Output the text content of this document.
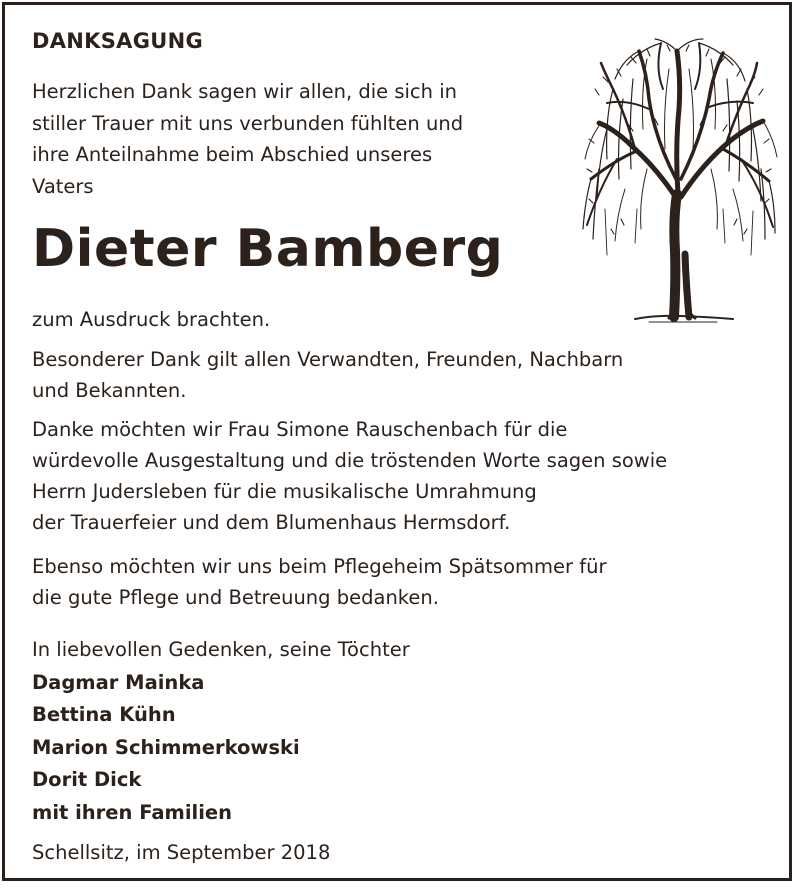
DANKSAGUNG

Herzlichen Dank sagen wir allen, die sich in
stiller Trauer mit uns verbunden fühlten und
ihre Anteilnahme beim Abschied unseres
Vaters

Dieter Bamberg

zum Ausdruck brachten.

Besonderer Dank gilt allen Verwandten, Freunden, Nachbarn
und Bekannten.

Danke möchten wir Frau Simone Rauschenbach für die
würdevolle Ausgestaltung und die tröstenden Worte sagen sowie
Herrn Judersleben für die musikalische Umrahmung
der Trauerfeier und dem Blumenhaus Hermsdorf.

Ebenso möchten wir uns beim Pflegeheim Spätsommer für
die gute Pflege und Betreuung bedanken.

In liebevollen Gedenken, seine Töchter
Dagmar Mainka
Bettina Kühn
Marion Schimmerkowski
Dorit Dick
mit ihren Familien

Schellsitz, im September 2018
